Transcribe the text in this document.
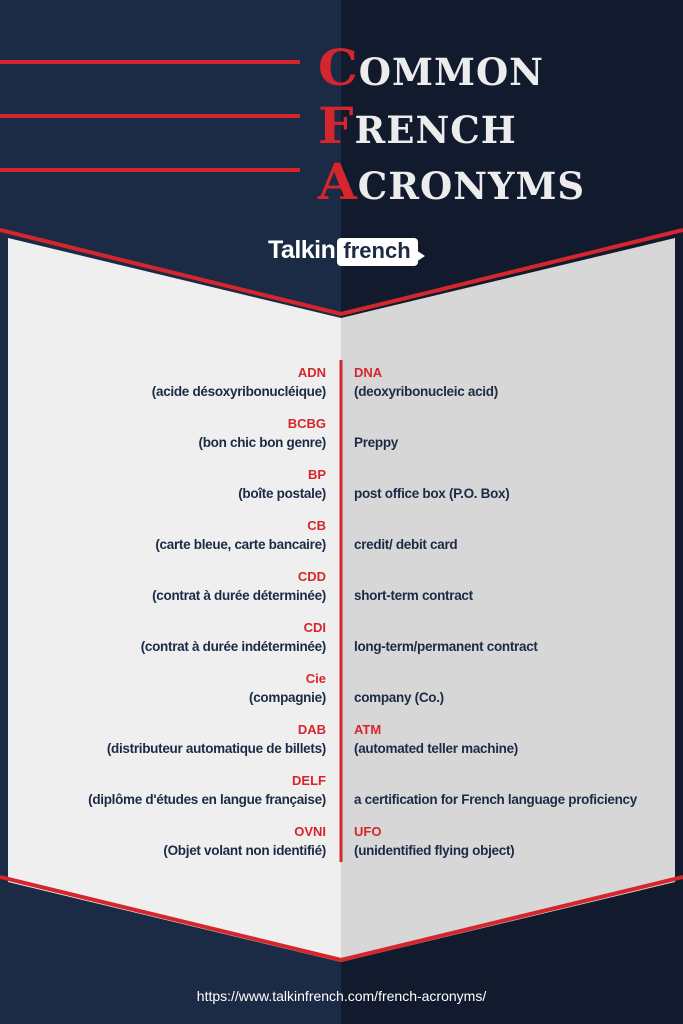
COMMON
FRENCH
ACRONYMS
Talkin french
ADN
(acide désoxyribonucléique)
DNA
(deoxyribonucleic acid)
BCBG
(bon chic bon genre) Preppy
BP
(boîte postale) post office box (P.O. Box)
CB
(carte bleue, carte bancaire) credit/ debit card
CDD
(contrat à durée déterminée) short-term contract
CDI
(contrat à durée indéterminée) long-term/permanent contract
Cie
(compagnie) company (Co.)
DAB
(distributeur automatique de billets)
ATM
(automated teller machine)
DELF
(diplôme d'études en langue française) a certification for French language proficiency
OVNI
(Objet volant non identifié)
UFO
(unidentified flying object)
https://www.talkinfrench.com/french-acronyms/
